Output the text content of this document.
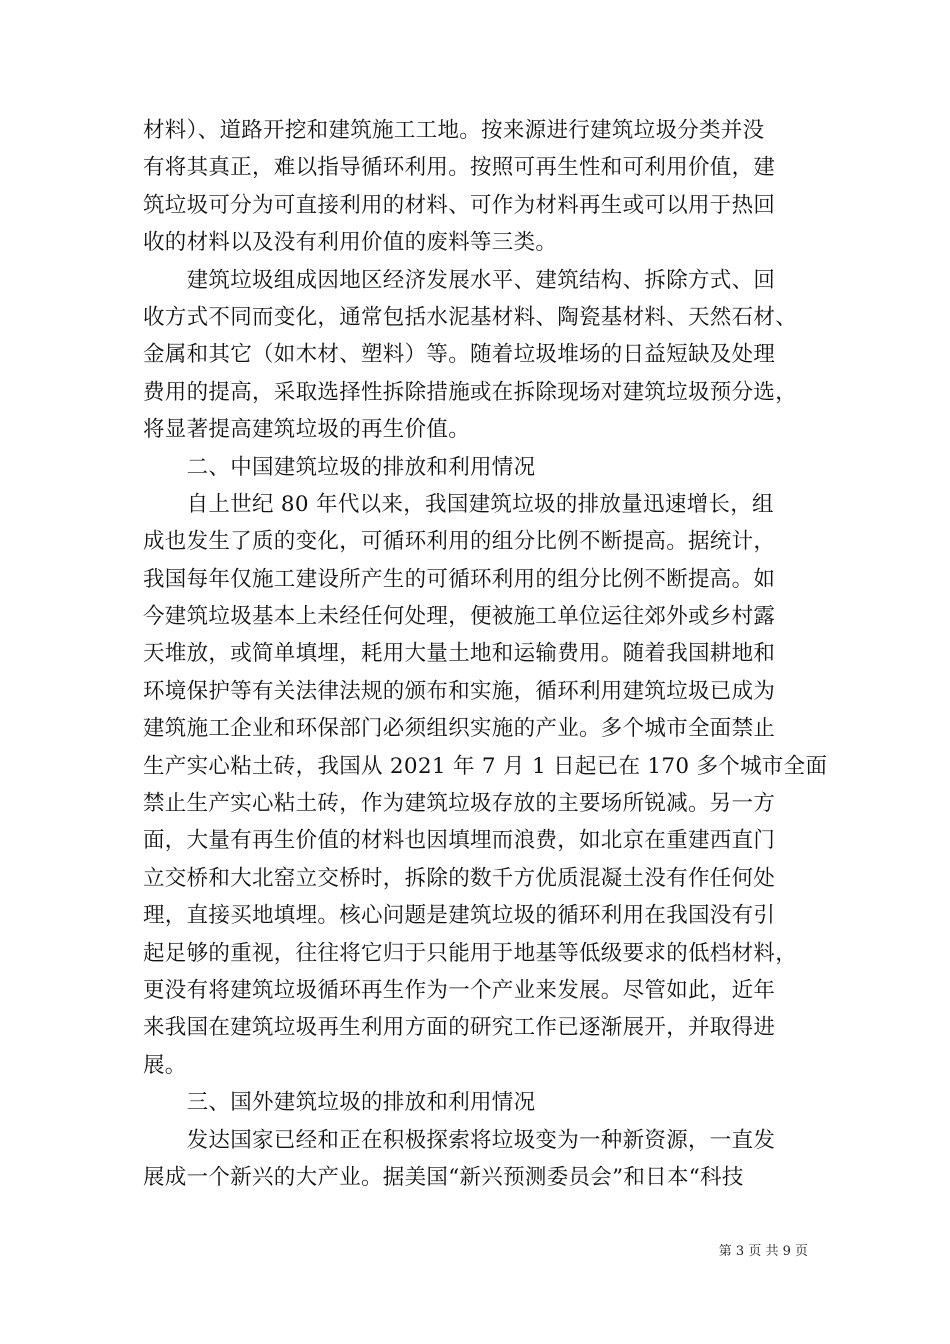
材料）、道路开挖和建筑施工工地。按来源进行建筑垃圾分类并没
有将其真正，难以指导循环利用。按照可再生性和可利用价值，建
筑垃圾可分为可直接利用的材料、可作为材料再生或可以用于热回
收的材料以及没有利用价值的废料等三类。
　　建筑垃圾组成因地区经济发展水平、建筑结构、拆除方式、回
收方式不同而变化，通常包括水泥基材料、陶瓷基材料、天然石材、
金属和其它（如木材、塑料）等。随着垃圾堆场的日益短缺及处理
费用的提高，采取选择性拆除措施或在拆除现场对建筑垃圾预分选，
将显著提高建筑垃圾的再生价值。
　　二、中国建筑垃圾的排放和利用情况
　　自上世纪 80 年代以来，我国建筑垃圾的排放量迅速增长，组
成也发生了质的变化，可循环利用的组分比例不断提高。据统计，
我国每年仅施工建设所产生的可循环利用的组分比例不断提高。如
今建筑垃圾基本上未经任何处理，便被施工单位运往郊外或乡村露
天堆放，或简单填埋，耗用大量土地和运输费用。随着我国耕地和
环境保护等有关法律法规的颁布和实施，循环利用建筑垃圾已成为
建筑施工企业和环保部门必须组织实施的产业。多个城市全面禁止
生产实心粘土砖，我国从 2021 年 7 月 1 日起已在 170 多个城市全面
禁止生产实心粘土砖，作为建筑垃圾存放的主要场所锐减。另一方
面，大量有再生价值的材料也因填埋而浪费，如北京在重建西直门
立交桥和大北窑立交桥时，拆除的数千方优质混凝土没有作任何处
理，直接买地填埋。核心问题是建筑垃圾的循环利用在我国没有引
起足够的重视，往往将它归于只能用于地基等低级要求的低档材料，
更没有将建筑垃圾循环再生作为一个产业来发展。尽管如此，近年
来我国在建筑垃圾再生利用方面的研究工作已逐渐展开，并取得进
展。
　　三、国外建筑垃圾的排放和利用情况
　　发达国家已经和正在积极探索将垃圾变为一种新资源，一直发
展成一个新兴的大产业。据美国“新兴预测委员会”和日本“科技
第 3 页 共 9 页
